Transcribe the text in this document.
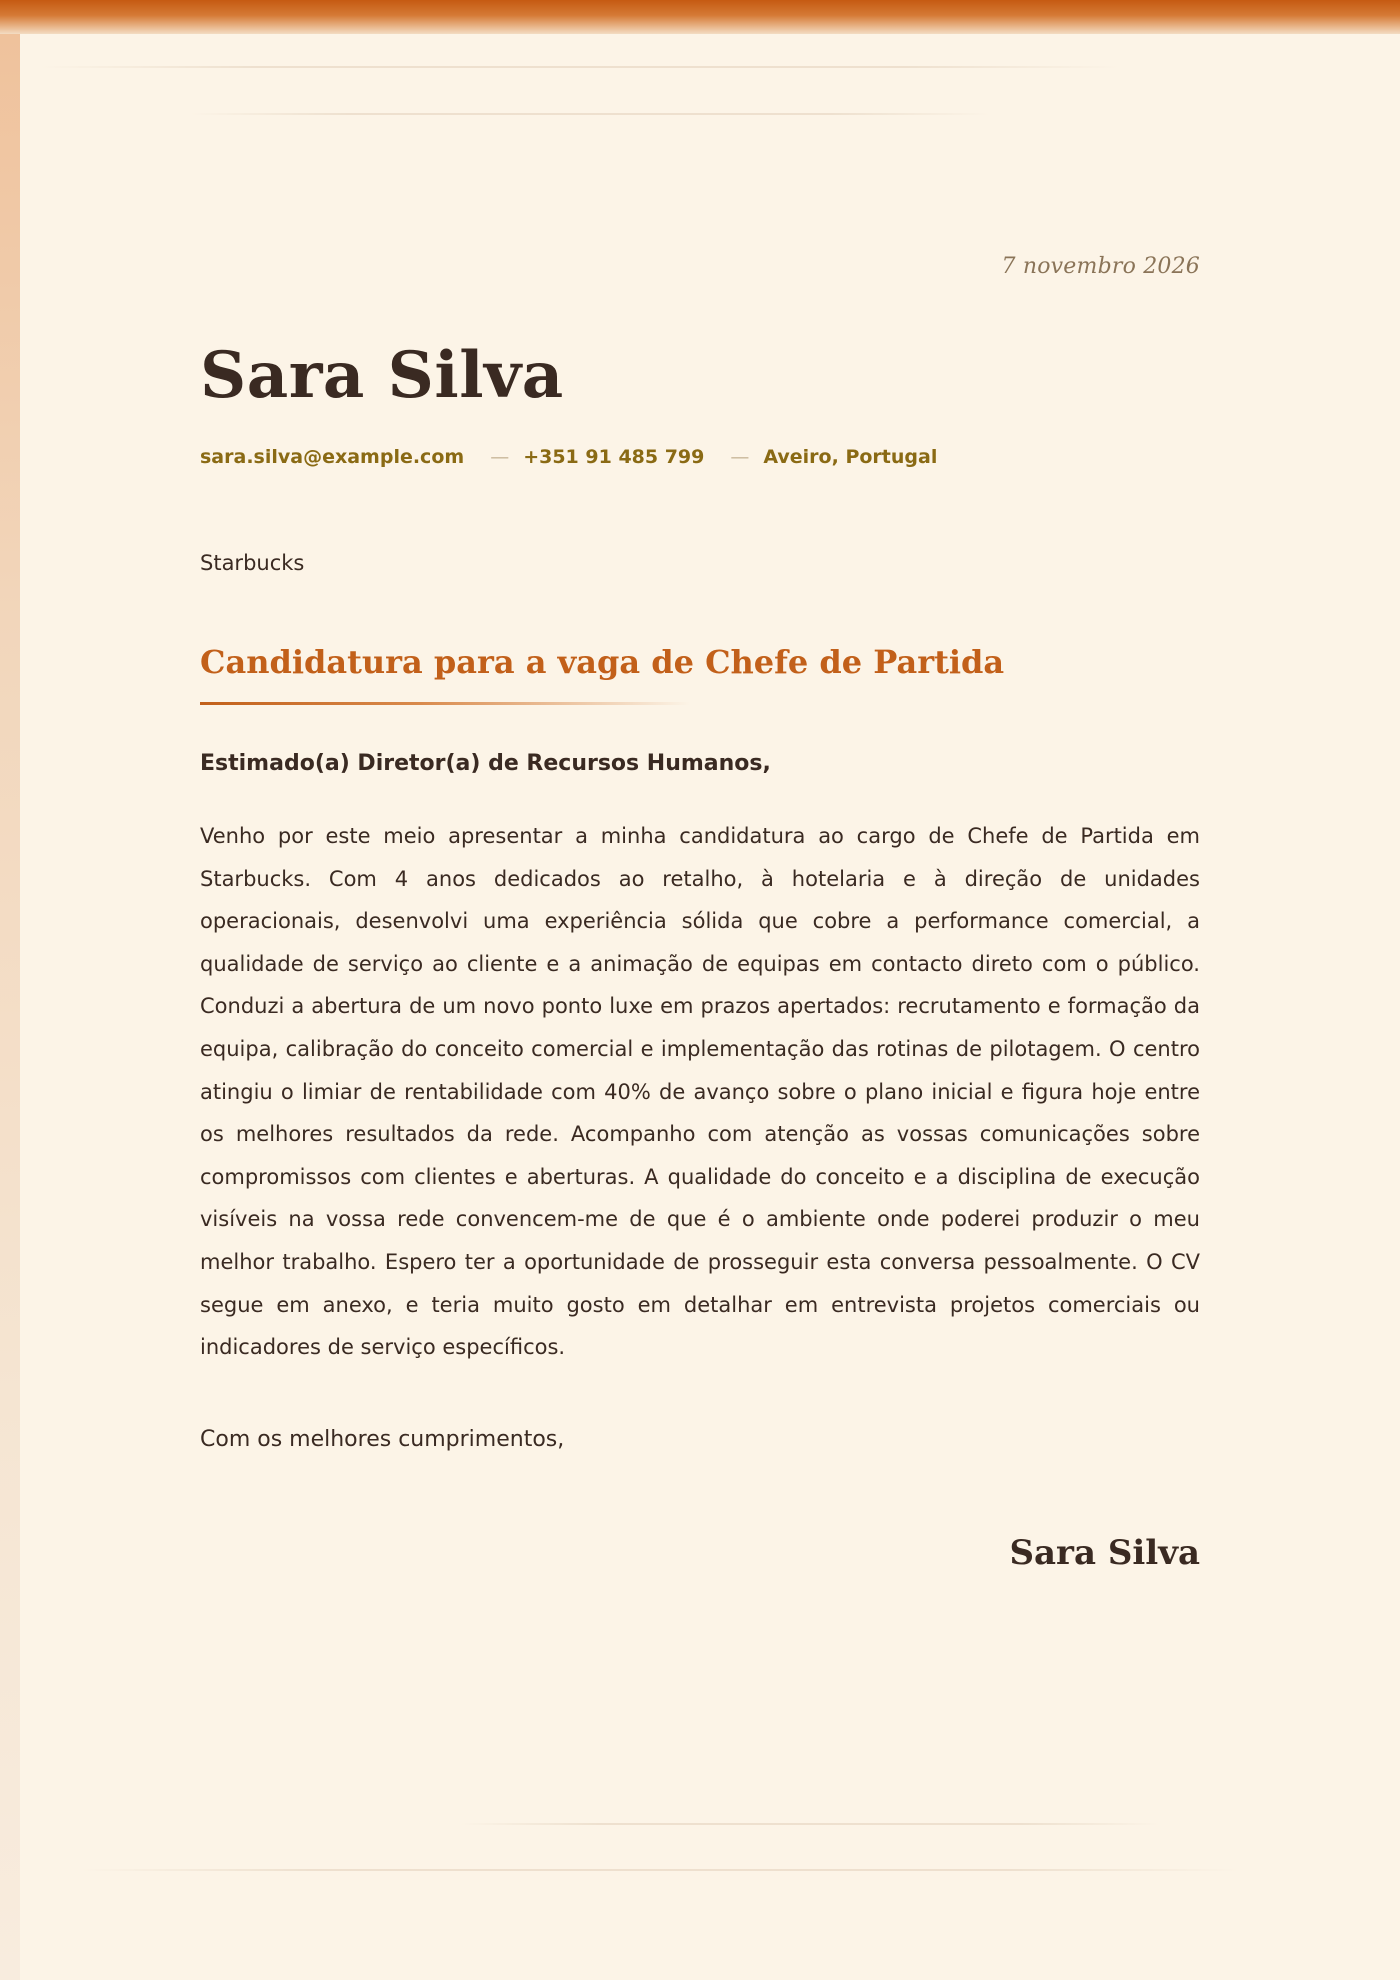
7 novembro 2026
Sara Silva
sara.silva@example.com — +351 91 485 799 — Aveiro, Portugal
Starbucks
Candidatura para a vaga de Chefe de Partida
Estimado(a) Diretor(a) de Recursos Humanos,

Venho por este meio apresentar a minha candidatura ao cargo de Chefe de Partida em Starbucks. Com 4 anos dedicados ao retalho, à hotelaria e à direção de unidades operacionais, desenvolvi uma experiência sólida que cobre a performance comercial, a qualidade de serviço ao cliente e a animação de equipas em contacto direto com o público. Conduzi a abertura de um novo ponto luxe em prazos apertados: recrutamento e formação da equipa, calibração do conceito comercial e implementação das rotinas de pilotagem. O centro atingiu o limiar de rentabilidade com 40% de avanço sobre o plano inicial e figura hoje entre os melhores resultados da rede. Acompanho com atenção as vossas comunicações sobre compromissos com clientes e aberturas. A qualidade do conceito e a disciplina de execução visíveis na vossa rede convencem-me de que é o ambiente onde poderei produzir o meu melhor trabalho. Espero ter a oportunidade de prosseguir esta conversa pessoalmente. O CV segue em anexo, e teria muito gosto em detalhar em entrevista projetos comerciais ou indicadores de serviço específicos.

Com os melhores cumprimentos,
Sara Silva
